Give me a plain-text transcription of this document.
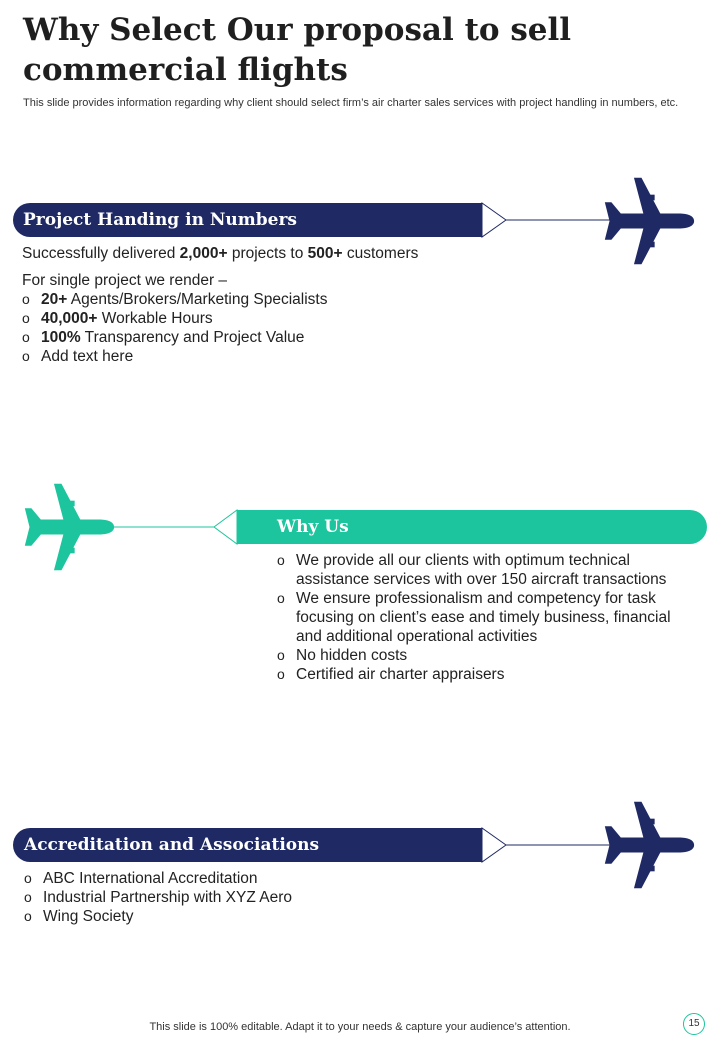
Why Select Our proposal to sell commercial flights

This slide provides information regarding why client should select firm’s air charter sales services with project handling in numbers, etc.

Project Handing in Numbers

Successfully delivered 2,000+ projects to 500+ customers

For single project we render –

o 20+ Agents/Brokers/Marketing Specialists
o 40,000+ Workable Hours
o 100% Transparency and Project Value
o Add text here
Why Us
o We provide all our clients with optimum technical assistance services with over 150 aircraft transactions
o We ensure professionalism and competency for task focusing on client’s ease and timely business, financial and additional operational activities
o No hidden costs
o Certified air charter appraisers
Accreditation and Associations
o ABC International Accreditation
o Industrial Partnership with XYZ Aero
o Wing Society
This slide is 100% editable. Adapt it to your needs & capture your audience’s attention.	15
